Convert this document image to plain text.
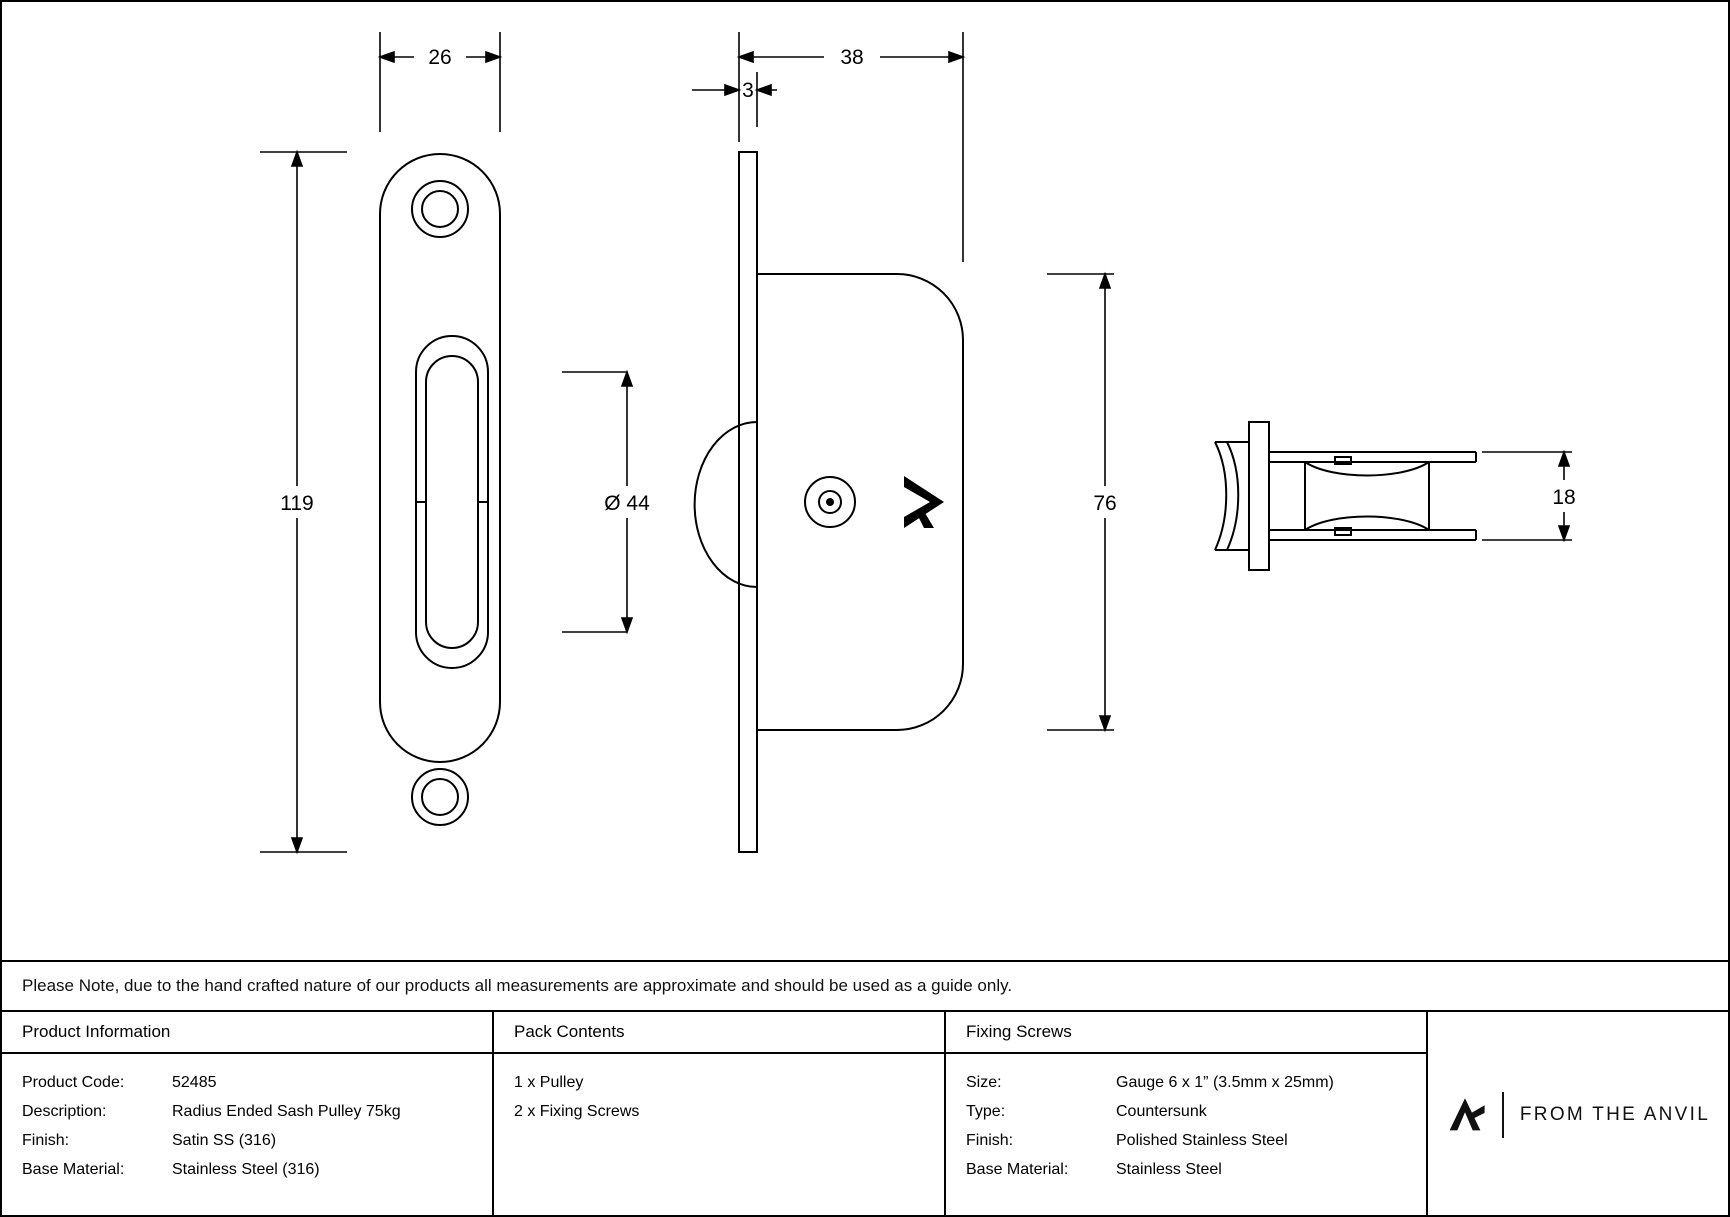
26	38
3
119	Ø 44	76	18
Please Note, due to the hand crafted nature of our products all measurements are approximate and should be used as a guide only.
Product Information
Product Code:	52485
Description:	Radius Ended Sash Pulley 75kg
Finish:	Satin SS (316)
Base Material:	Stainless Steel (316)
Pack Contents
1 x Pulley
2 x Fixing Screws
Fixing Screws
Size:	Gauge 6 x 1” (3.5mm x 25mm)
Type:	Countersunk
Finish:	Polished Stainless Steel
Base Material:	Stainless Steel
FROM THE ANVIL
